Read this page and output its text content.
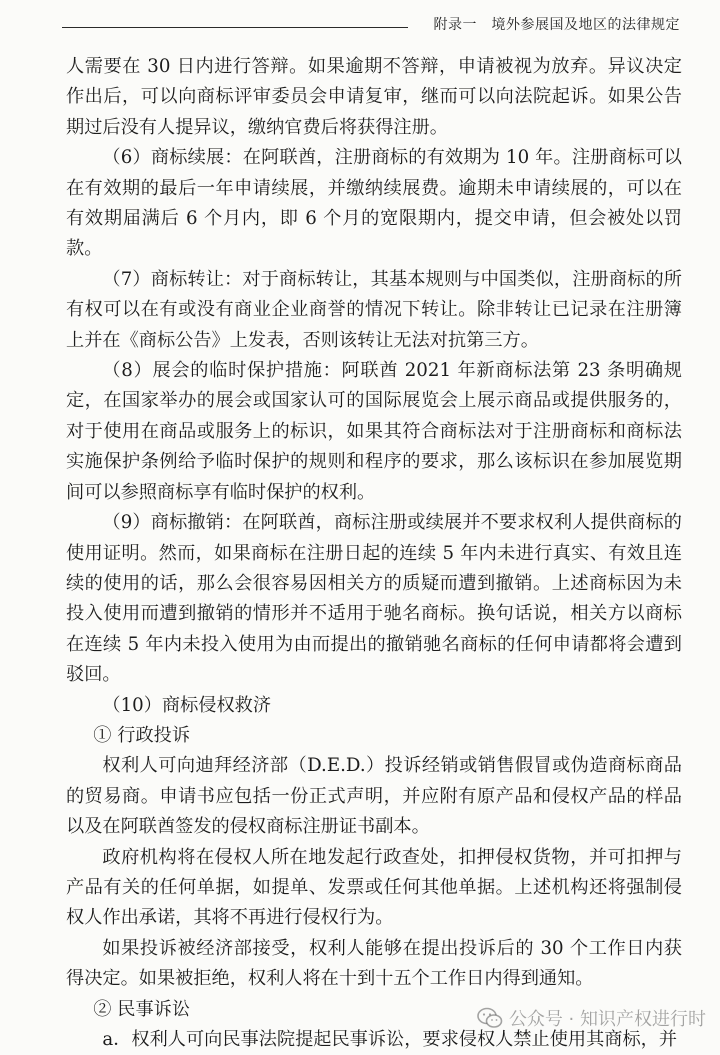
附录一　境外参展国及地区的法律规定

人需要在 30 日内进行答辩。如果逾期不答辩，申请被视为放弃。异议决定作出后，可以向商标评审委员会申请复审，继而可以向法院起诉。如果公告期过后没有人提异议，缴纳官费后将获得注册。

（6）商标续展：在阿联酋，注册商标的有效期为 10 年。注册商标可以在有效期的最后一年申请续展，并缴纳续展费。逾期未申请续展的，可以在有效期届满后 6 个月内，即 6 个月的宽限期内，提交申请，但会被处以罚款。

（7）商标转让：对于商标转让，其基本规则与中国类似，注册商标的所有权可以在有或没有商业企业商誉的情况下转让。除非转让已记录在注册簿上并在《商标公告》上发表，否则该转让无法对抗第三方。

（8）展会的临时保护措施：阿联酋 2021 年新商标法第 23 条明确规定，在国家举办的展会或国家认可的国际展览会上展示商品或提供服务的，对于使用在商品或服务上的标识，如果其符合商标法对于注册商标和商标法实施保护条例给予临时保护的规则和程序的要求，那么该标识在参加展览期间可以参照商标享有临时保护的权利。

（9）商标撤销：在阿联酋，商标注册或续展并不要求权利人提供商标的使用证明。然而，如果商标在注册日起的连续 5 年内未进行真实、有效且连续的使用的话，那么会很容易因相关方的质疑而遭到撤销。上述商标因为未投入使用而遭到撤销的情形并不适用于驰名商标。换句话说，相关方以商标在连续 5 年内未投入使用为由而提出的撤销驰名商标的任何申请都将会遭到驳回。

（10）商标侵权救济

① 行政投诉

权利人可向迪拜经济部（D.E.D.）投诉经销或销售假冒或伪造商标商品的贸易商。申请书应包括一份正式声明，并应附有原产品和侵权产品的样品以及在阿联酋签发的侵权商标注册证书副本。

政府机构将在侵权人所在地发起行政查处，扣押侵权货物，并可扣押与产品有关的任何单据，如提单、发票或任何其他单据。上述机构还将强制侵权人作出承诺，其将不再进行侵权行为。

如果投诉被经济部接受，权利人能够在提出投诉后的 30 个工作日内获得决定。如果被拒绝，权利人将在十到十五个工作日内得到通知。

② 民事诉讼

a．权利人可向民事法院提起民事诉讼，要求侵权人禁止使用其商标，并

公众号 · 知识产权进行时
